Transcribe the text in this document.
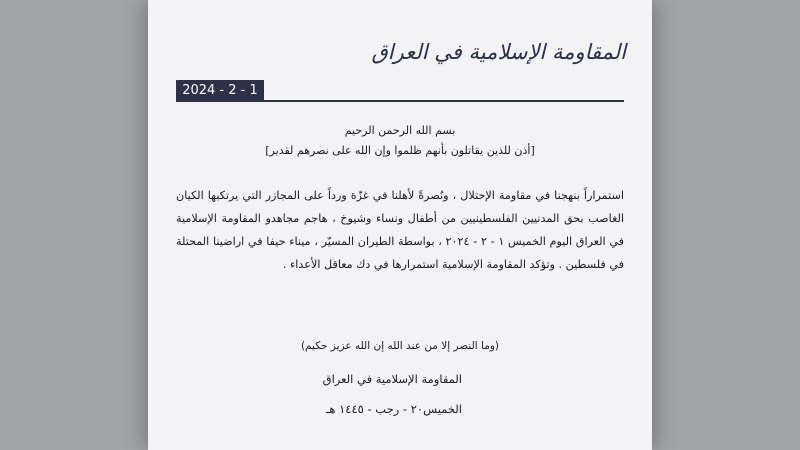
المقاومة الإسلامية في العراق
2024 - 2 - 1
بسم الله الرحمن الرحيم
[أذن للذين يقاتلون بأنهم ظلموا وإن الله على نصرهم لقدير]
استمراراً بنهجنا في مقاومة الإحتلال ، ونُصرةً لأهلنا في غزّة ورداً على المجازر التي يرتكبها الكيان الغاصب بحق المدنيين الفلسطينيين من أطفال ونساء وشيوخ ، هاجم مجاهدو المقاومة الإسلامية في العراق اليوم الخميس ١ - ٢ - ٢٠٢٤ ، بواسطة الطيران المسيّر ، ميناء حيفا في اراضينا المحتلة في فلسطين . وتؤكد المقاومة الإسلامية استمرارها في دك معاقل الأعداء .
(وما النصر إلا من عند الله إن الله عزيز حكيم)
المقاومة الإسلامية في العراق
الخميس٢٠ - رجب - ١٤٤٥ هـ
